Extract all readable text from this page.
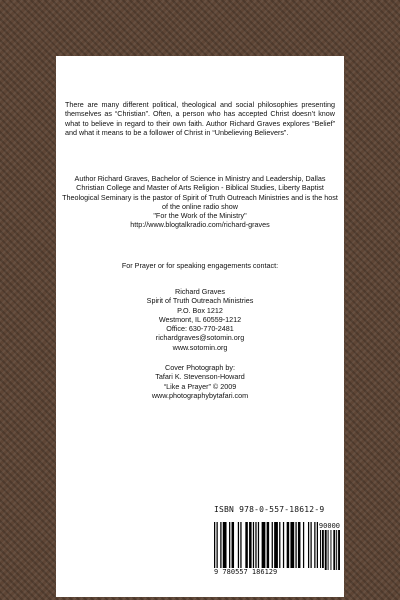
There are many different political, theological and social philosophies presenting themselves as “Christian”. Often, a person who has accepted Christ doesn’t know what to believe in regard to their own faith. Author Richard Graves explores “Belief” and what it means to be a follower of Christ in “Unbelieving Believers”.

Author Richard Graves, Bachelor of Science in Ministry and Leadership, Dallas Christian College and Master of Arts Religion - Biblical Studies, Liberty Baptist Theological Seminary is the pastor of Spirit of Truth Outreach Ministries and is the host of the online radio show
"For the Work of the Ministry"
http://www.blogtalkradio.com/richard-graves
For Prayer or for speaking engagements contact:
Richard Graves
Spirit of Truth Outreach Ministries
P.O. Box 1212
Westmont, IL 60559-1212
Office: 630-770-2481
richardgraves@sotomin.org
www.sotomin.org
Cover Photograph by:
Tafari K. Stevenson-Howard
“Like a Prayer” © 2009
www.photographybytafari.com
ISBN 978-0-557-18612-9
90000
9 780557 186129
ID: 7387065
www.lulu.com
